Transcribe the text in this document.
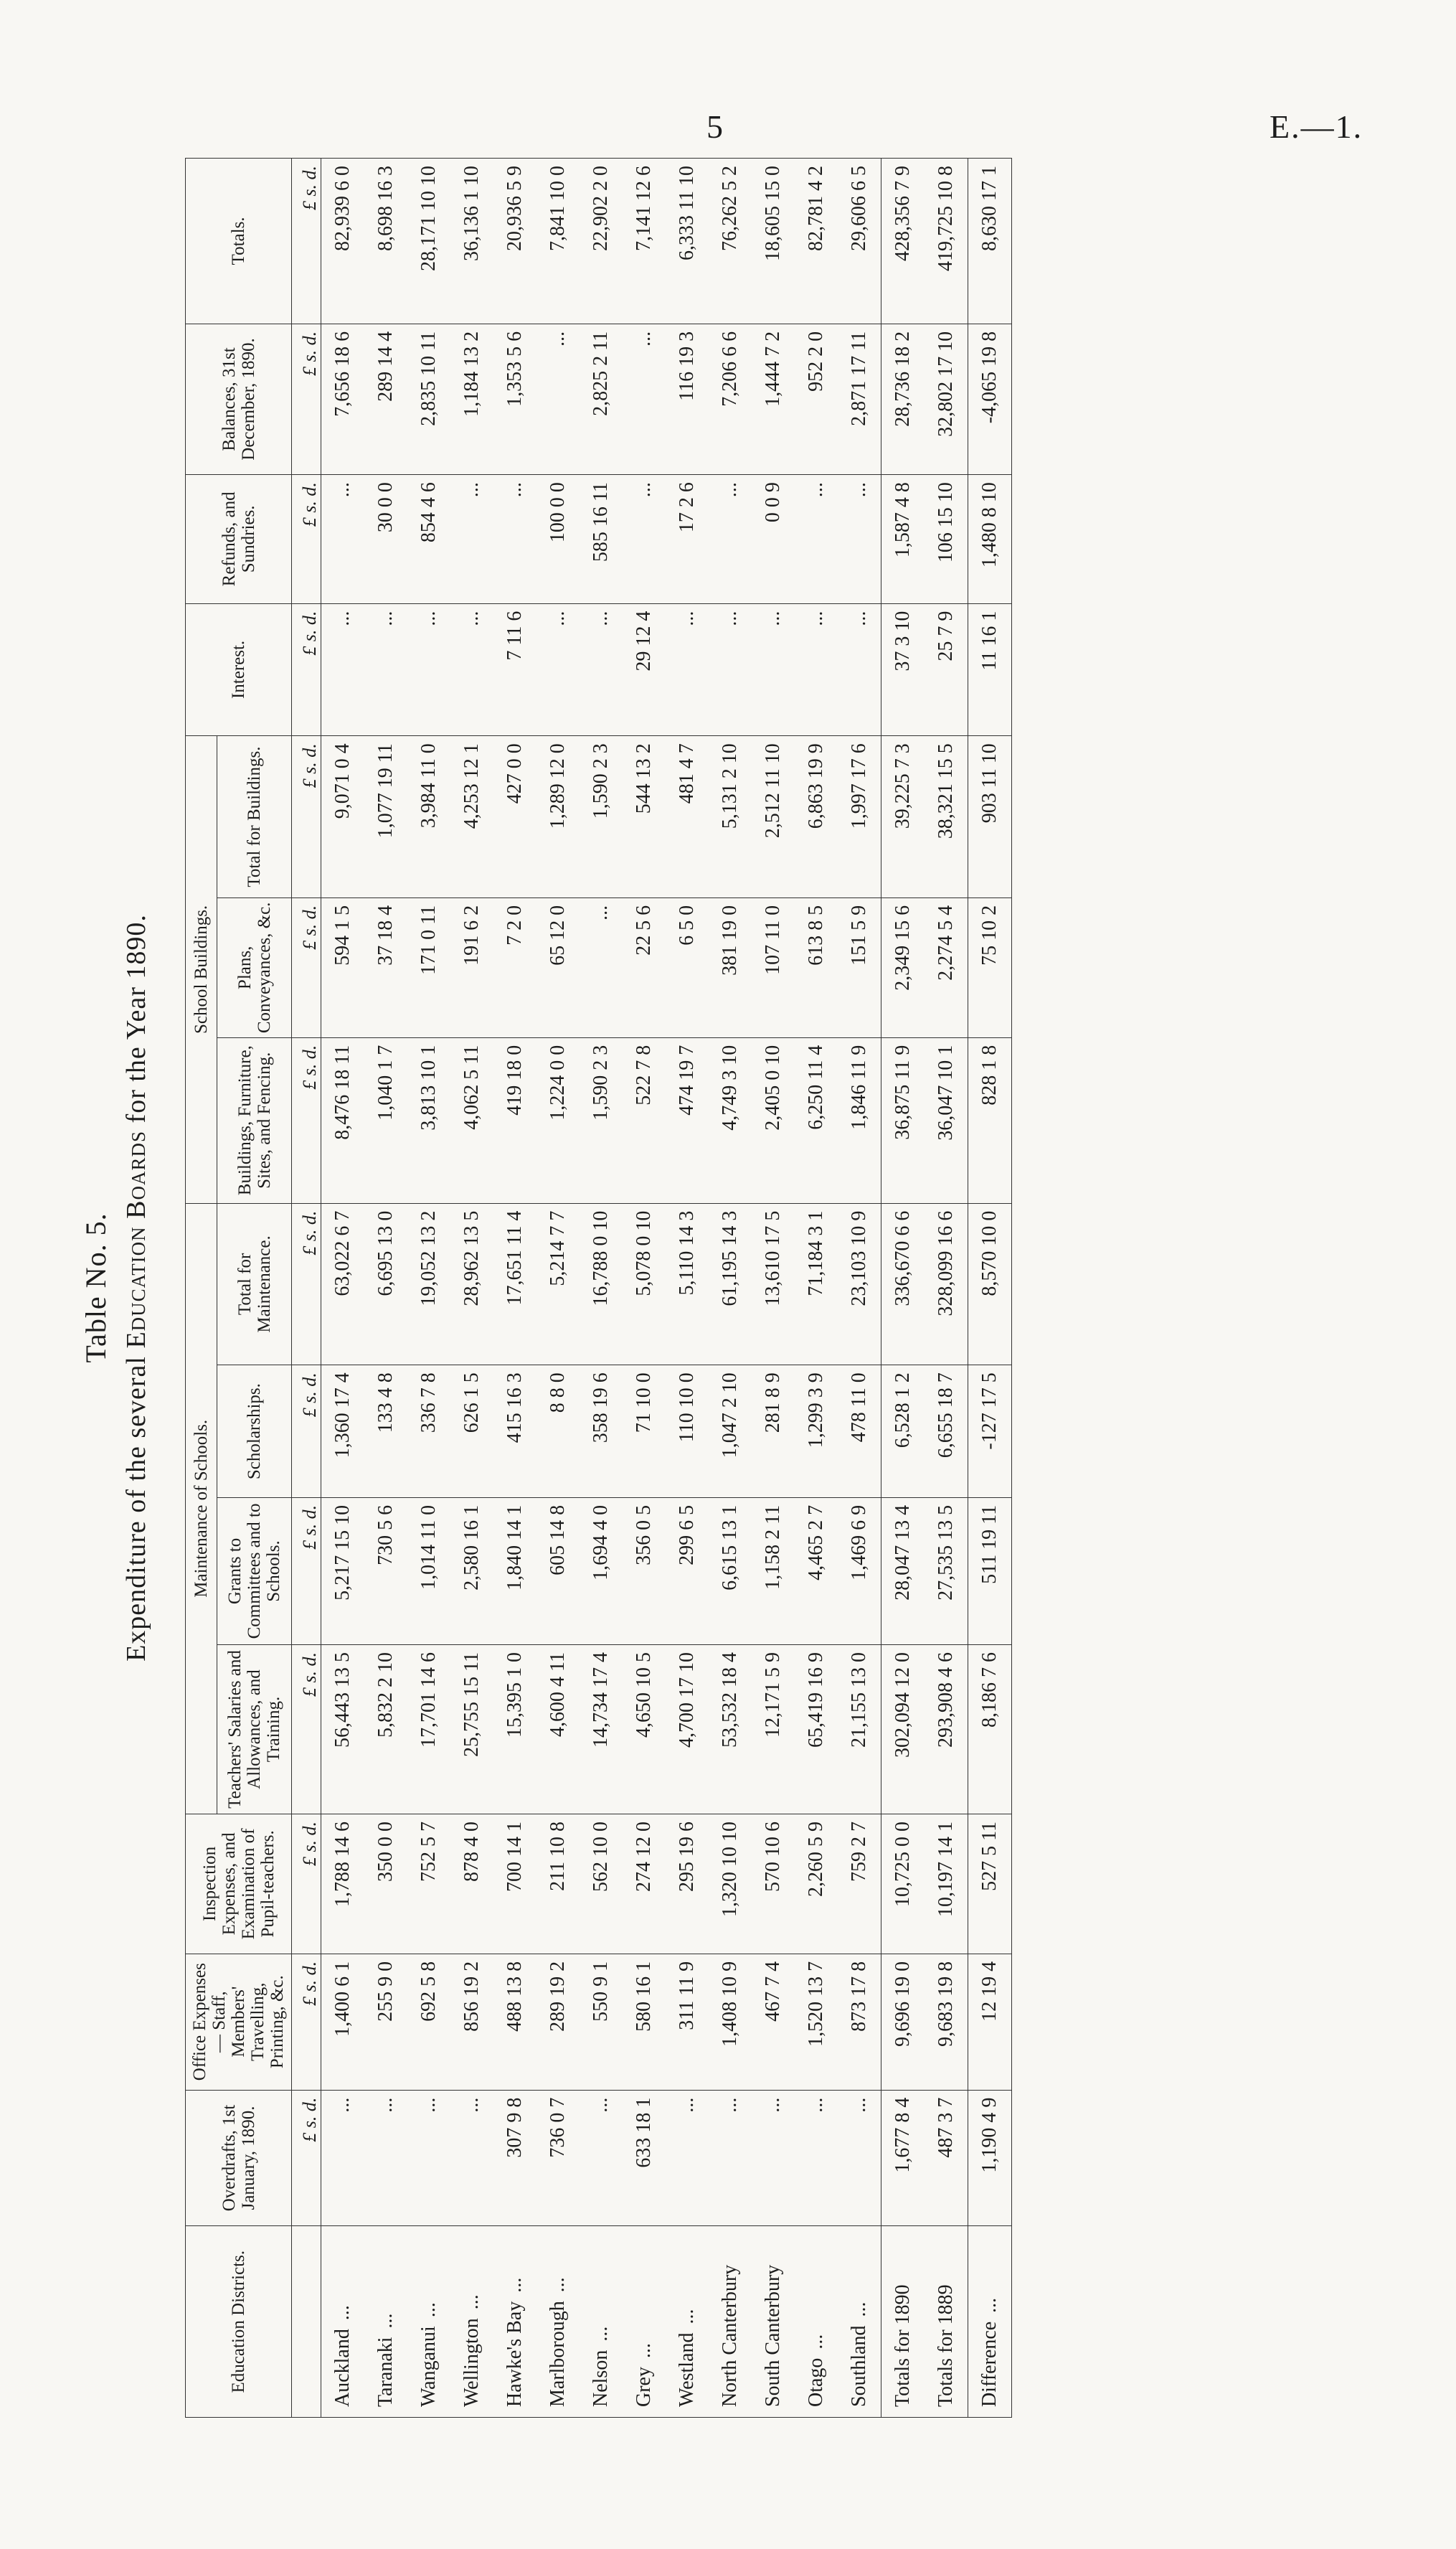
5	E.—1.
Table No. 5.
Expenditure of the several Education Boards for the Year 1890.
Education Districts.	Overdrafts, 1st January, 1890.	Office Expenses— Staff, Members' Travelling, Printing, &c.	Inspection Expenses, and Examination of Pupil-teachers.	Maintenance of Schools.				School Buildings.			Interest.	Refunds, and Sundries.	Balances, 31st December, 1890.	Totals.
				Teachers' Salaries and Allowances, and Training.	Grants to Committees and to Schools.	Scholarships.	Total for Maintenance.	Buildings, Furniture, Sites, and Fencing.	Plans, Conveyances, &c.	Total for Buildings.				
	£ s. d.	£ s. d.	£ s. d.	£ s. d.	£ s. d.	£ s. d.	£ s. d.	£ s. d.	£ s. d.	£ s. d.	£ s. d.	£ s. d.	£ s. d.	£ s. d.
Auckland...	...	1,400 6 1	1,788 14 6	56,443 13 5	5,217 15 10	1,360 17 4	63,022 6 7	8,476 18 11	594 1 5	9,071 0 4	...	...	7,656 18 6	82,939 6 0
Taranaki...	...	255 9 0	350 0 0	5,832 2 10	730 5 6	133 4 8	6,695 13 0	1,040 1 7	37 18 4	1,077 19 11	...	30 0 0	289 14 4	8,698 16 3
Wanganui...	...	692 5 8	752 5 7	17,701 14 6	1,014 11 0	336 7 8	19,052 13 2	3,813 10 1	171 0 11	3,984 11 0	...	854 4 6	2,835 10 11	28,171 10 10
Wellington...	...	856 19 2	878 4 0	25,755 15 11	2,580 16 1	626 1 5	28,962 13 5	4,062 5 11	191 6 2	4,253 12 1	...	...	1,184 13 2	36,136 1 10
Hawke's Bay...	307 9 8	488 13 8	700 14 1	15,395 1 0	1,840 14 1	415 16 3	17,651 11 4	419 18 0	7 2 0	427 0 0	7 11 6	...	1,353 5 6	20,936 5 9
Marlborough...	736 0 7	289 19 2	211 10 8	4,600 4 11	605 14 8	8 8 0	5,214 7 7	1,224 0 0	65 12 0	1,289 12 0	...	100 0 0	...	7,841 10 0
Nelson...	...	550 9 1	562 10 0	14,734 17 4	1,694 4 0	358 19 6	16,788 0 10	1,590 2 3	...	1,590 2 3	...	585 16 11	2,825 2 11	22,902 2 0
Grey...	633 18 1	580 16 1	274 12 0	4,650 10 5	356 0 5	71 10 0	5,078 0 10	522 7 8	22 5 6	544 13 2	29 12 4	...	...	7,141 12 6
Westland...	...	311 11 9	295 19 6	4,700 17 10	299 6 5	110 10 0	5,110 14 3	474 19 7	6 5 0	481 4 7	...	17 2 6	116 19 3	6,333 11 10
North Canterbury	...	1,408 10 9	1,320 10 10	53,532 18 4	6,615 13 1	1,047 2 10	61,195 14 3	4,749 3 10	381 19 0	5,131 2 10	...	...	7,206 6 6	76,262 5 2
South Canterbury	...	467 7 4	570 10 6	12,171 5 9	1,158 2 11	281 8 9	13,610 17 5	2,405 0 10	107 11 0	2,512 11 10	...	0 0 9	1,444 7 2	18,605 15 0
Otago...	...	1,520 13 7	2,260 5 9	65,419 16 9	4,465 2 7	1,299 3 9	71,184 3 1	6,250 11 4	613 8 5	6,863 19 9	...	...	952 2 0	82,781 4 2
Southland...	...	873 17 8	759 2 7	21,155 13 0	1,469 6 9	478 11 0	23,103 10 9	1,846 11 9	151 5 9	1,997 17 6	...	...	2,871 17 11	29,606 6 5
Totals for 1890	1,677 8 4	9,696 19 0	10,725 0 0	302,094 12 0	28,047 13 4	6,528 1 2	336,670 6 6	36,875 11 9	2,349 15 6	39,225 7 3	37 3 10	1,587 4 8	28,736 18 2	428,356 7 9
Totals for 1889	487 3 7	9,683 19 8	10,197 14 1	293,908 4 6	27,535 13 5	6,655 18 7	328,099 16 6	36,047 10 1	2,274 5 4	38,321 15 5	25 7 9	106 15 10	32,802 17 10	419,725 10 8
Difference...	1,190 4 9	12 19 4	527 5 11	8,186 7 6	511 19 11	-127 17 5	8,570 10 0	828 1 8	75 10 2	903 11 10	11 16 1	1,480 8 10	-4,065 19 8	8,630 17 1
